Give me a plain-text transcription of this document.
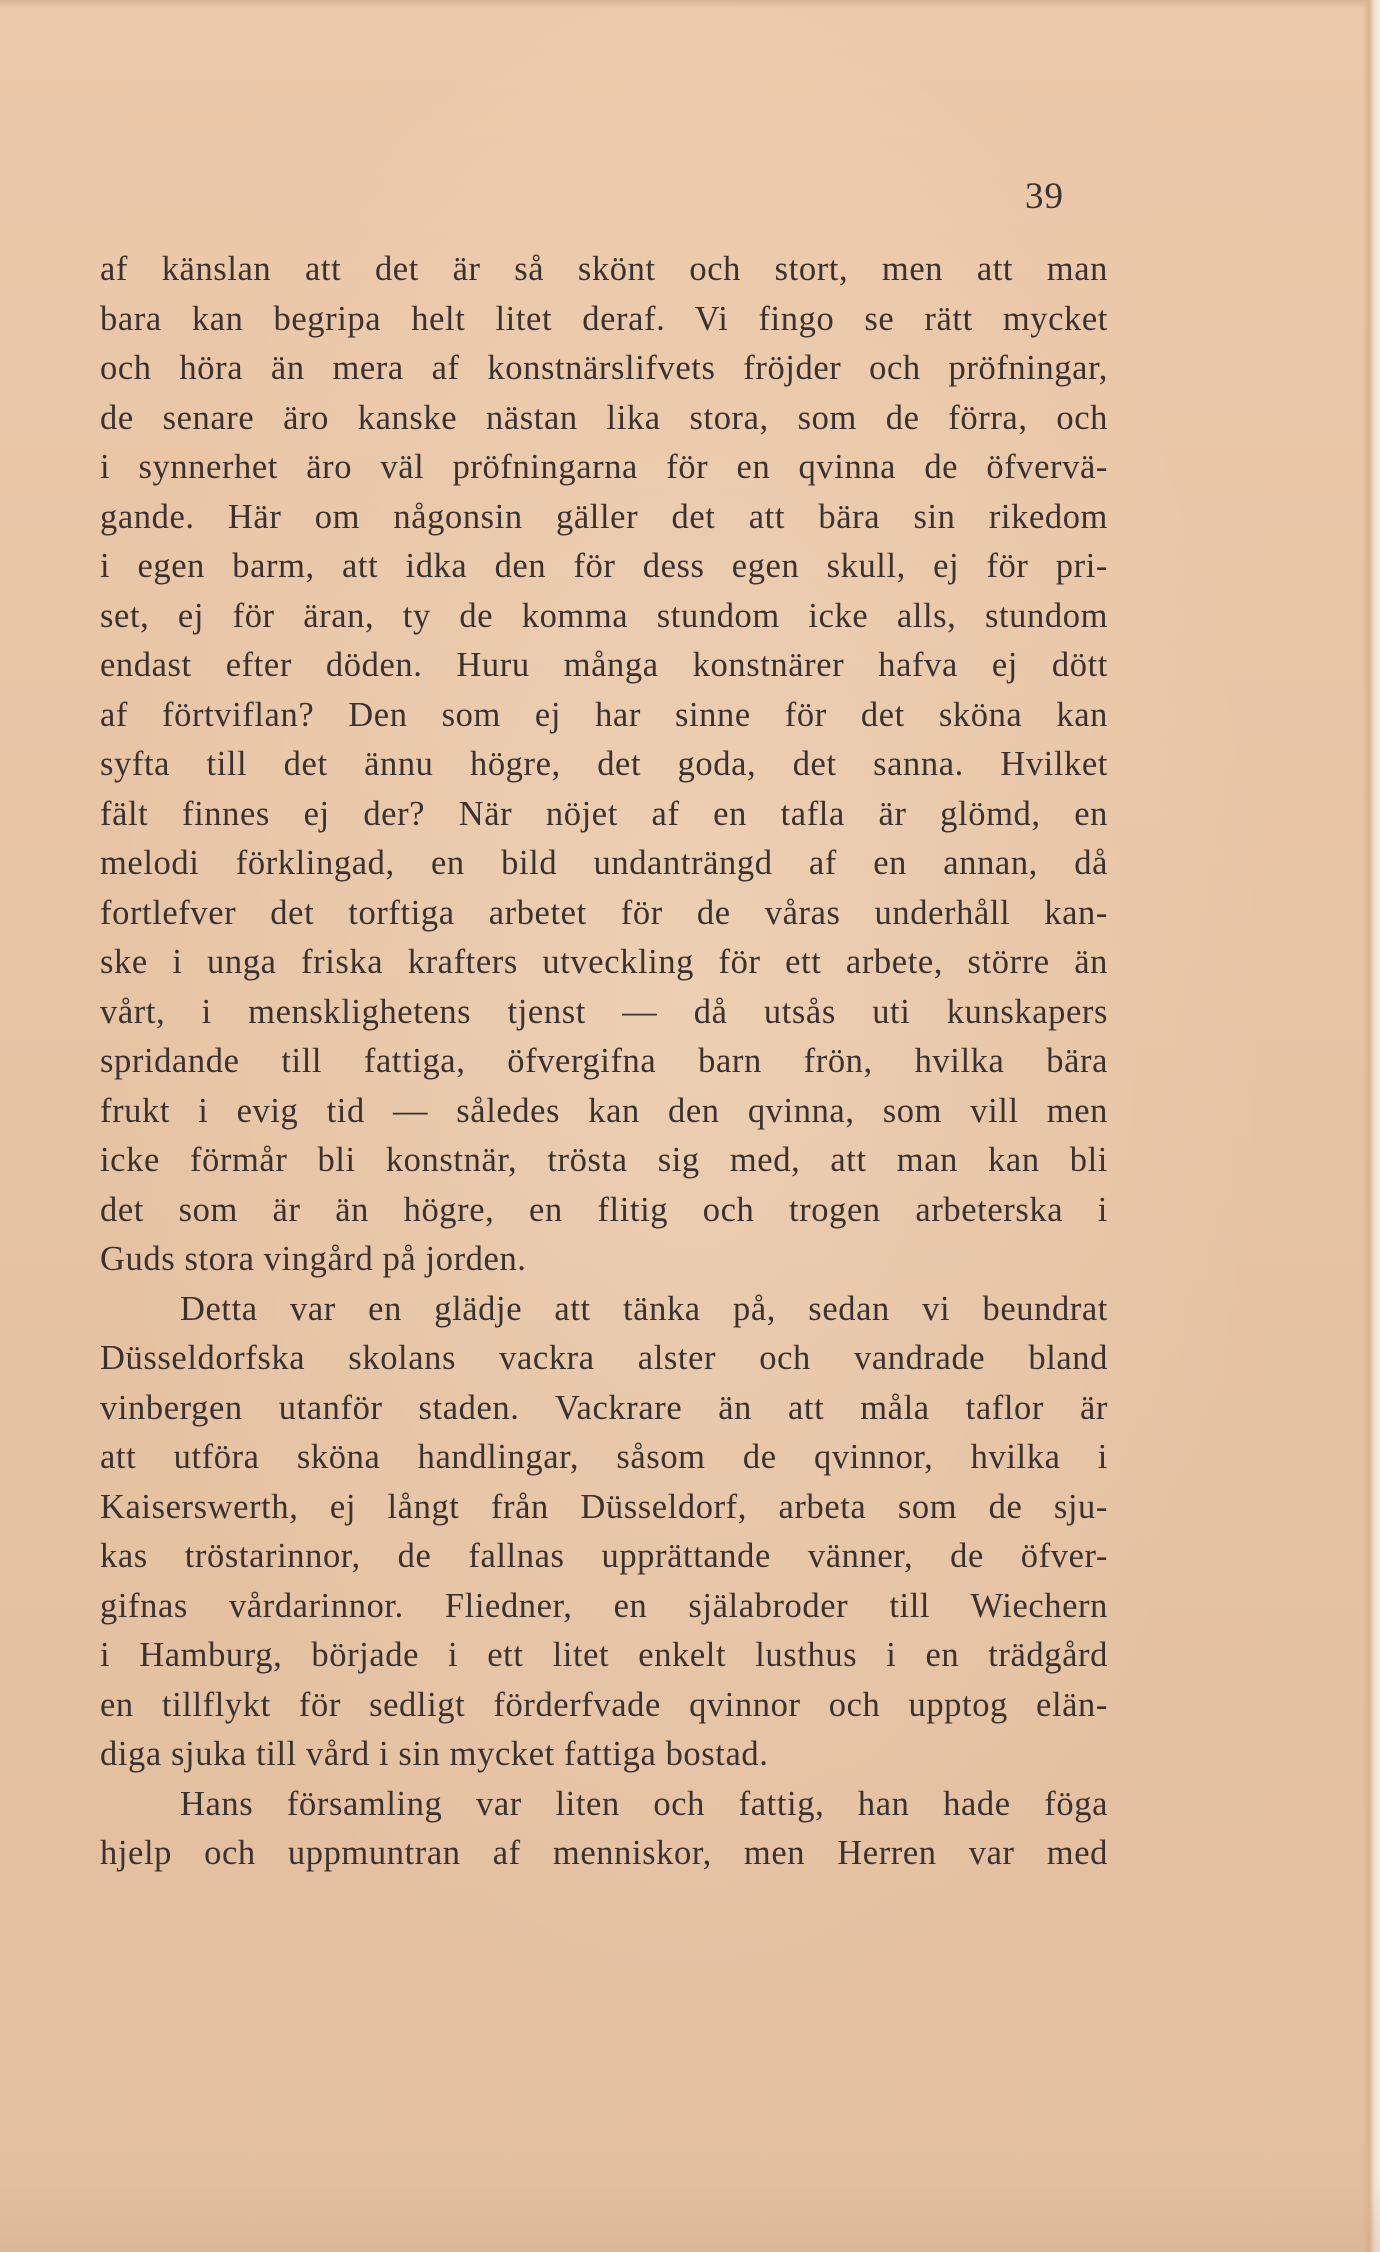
39
af känslan att det är så skönt och stort, men att man
bara kan begripa helt litet deraf. Vi fingo se rätt mycket
och höra än mera af konstnärslifvets fröjder och pröfningar,
de senare äro kanske nästan lika stora, som de förra, och
i synnerhet äro väl pröfningarna för en qvinna de öfvervä-
gande. Här om någonsin gäller det att bära sin rikedom
i egen barm, att idka den för dess egen skull, ej för pri-
set, ej för äran, ty de komma stundom icke alls, stundom
endast efter döden. Huru många konstnärer hafva ej dött
af förtviflan? Den som ej har sinne för det sköna kan
syfta till det ännu högre, det goda, det sanna. Hvilket
fält finnes ej der? När nöjet af en tafla är glömd, en
melodi förklingad, en bild undanträngd af en annan, då
fortlefver det torftiga arbetet för de våras underhåll kan-
ske i unga friska krafters utveckling för ett arbete, större än
vårt, i mensklighetens tjenst — då utsås uti kunskapers
spridande till fattiga, öfvergifna barn frön, hvilka bära
frukt i evig tid — således kan den qvinna, som vill men
icke förmår bli konstnär, trösta sig med, att man kan bli
det som är än högre, en flitig och trogen arbeterska i
Guds stora vingård på jorden.
Detta var en glädje att tänka på, sedan vi beundrat
Düsseldorfska skolans vackra alster och vandrade bland
vinbergen utanför staden. Vackrare än att måla taflor är
att utföra sköna handlingar, såsom de qvinnor, hvilka i
Kaiserswerth, ej långt från Düsseldorf, arbeta som de sju-
kas tröstarinnor, de fallnas upprättande vänner, de öfver-
gifnas vårdarinnor. Fliedner, en själabroder till Wiechern
i Hamburg, började i ett litet enkelt lusthus i en trädgård
en tillflykt för sedligt förderfvade qvinnor och upptog elän-
diga sjuka till vård i sin mycket fattiga bostad.
Hans församling var liten och fattig, han hade föga
hjelp och uppmuntran af menniskor, men Herren var med
